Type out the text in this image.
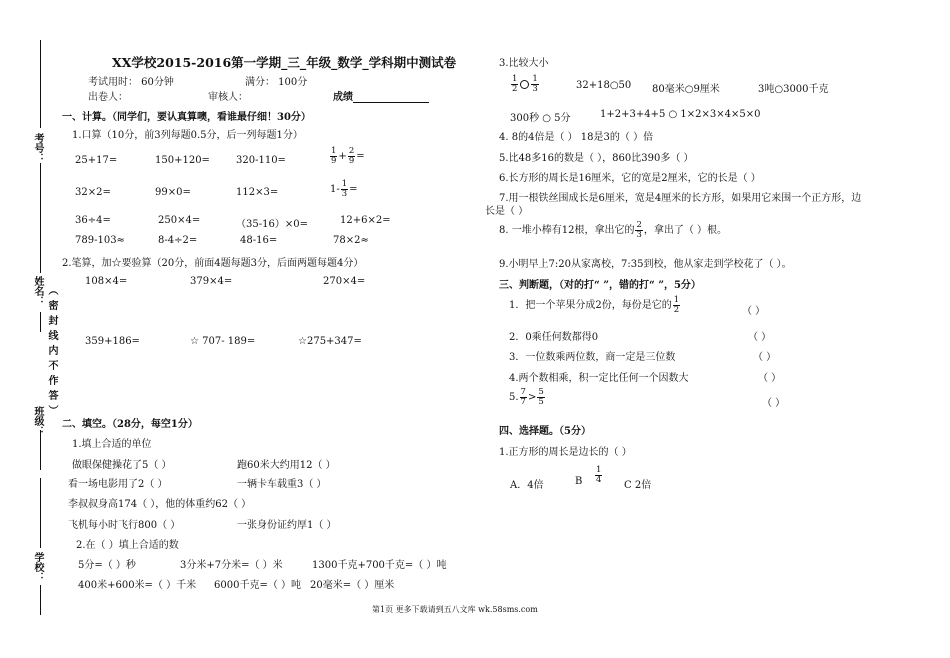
考号：
姓名： （密封线内不作答）
班级：
学校：
XX学校2015-2016第一学期_三_年级_数学_学科期中测试卷
考试用时： 60分钟	满分： 100分
出卷人：	审核人：	成绩
一、计算。（同学们，要认真算噢，看谁最仔细！30分）
1.口算（10分，前3列每题0.5分，后一列每题1分）
25+17=	150+120=	320-110=	$\frac{1}{9} + \frac{2}{9}$ =
32×2=	99×0=	112×3=	$1- \frac{1}{3}$ =
36÷4=	250×4=	（35-16）×0=	12+6×2=
789-103≈	8-4÷2=	48-16=	78×2≈
2.笔算，加☆要验算（20分，前面4题每题3分，后面两题每题4分）
108×4=	379×4=	270×4=
359+186=	☆ 707- 189=	☆275+347=
二、填空。（28分，每空1分）
1.填上合适的单位
做眼保健操花了5（ ）	跑60米大约用12（ ）
看一场电影用了2（ ）	一辆卡车载重3（ ）
李叔叔身高174（ ），他的体重约62（ ）
飞机每小时飞行800（ ）	一张身份证约厚1（ ）
2.在（ ）填上合适的数
5分=（ ）秒	3分米+7分米=（ ）米	1300千克+700千克=（ ）吨
400米+600米=（ ）千米 6000千克=（ ）吨 20毫米=（ ）厘米
3.比较大小
$\frac{1}{2} \frac{1}{3}$	32+18○50 80毫米○9厘米	3吨○3000千克
300秒 ○ 5分	1+2+3+4+5 ○ 1×2×3×4×5×0
4. 8的4倍是（ ） 18是3的（ ）倍
5.比48多16的数是（ ），860比390多（ ）
6.长方形的周长是16厘米，它的宽是2厘米，它的长是（ ）
7.用一根铁丝围成长是6厘米，宽是4厘米的长方形，如果用它来围一个正方形，边
长是（ ）
8. 一堆小棒有12根，拿出它的 $\frac{2}{3}$ ，拿出了（ ）根。
9.小明早上7:20从家离校，7:35到校，他从家走到学校花了（ ）。
三、判断题，（对的打“ ”，错的打“ ”，5分）
1．把一个苹果分成2份，每份是它的 $\frac{1}{2}$	（ ）
2．0乘任何数都得0	（ ）
3．一位数乘两位数，商一定是三位数	（ ）
4.两个数相乘，积一定比任何一个因数大	（ ）
5. $\frac{7}{7} > \frac{5}{5}$	（ ）
四、选择题。（5分）
1.正方形的周长是边长的（ ）
A．4倍	B $\frac{1}{4}$
C 2倍
第1页 更多下载请到五八文库 wk.58sms.com
